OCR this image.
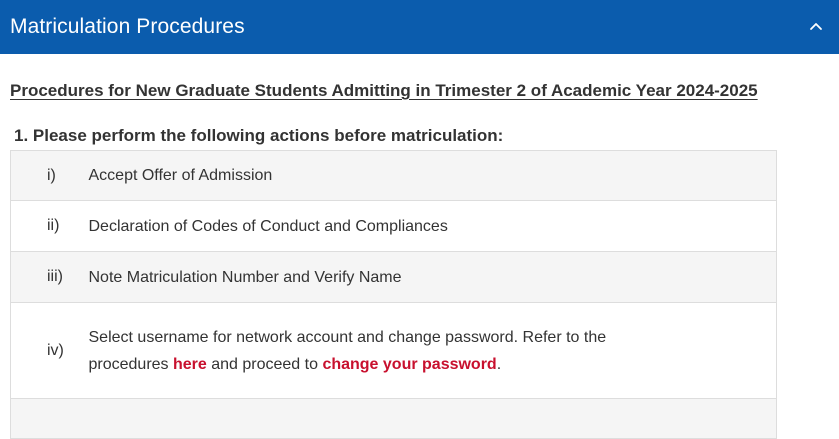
Matriculation Procedures
Procedures for New Graduate Students Admitting in Trimester 2 of Academic Year 2024-2025
1. Please perform the following actions before matriculation:
i)	Accept Offer of Admission
ii)	Declaration of Codes of Conduct and Compliances
iii)	Note Matriculation Number and Verify Name
iv)	Select username for network account and change password. Refer to the
procedures here and proceed to change your password.
